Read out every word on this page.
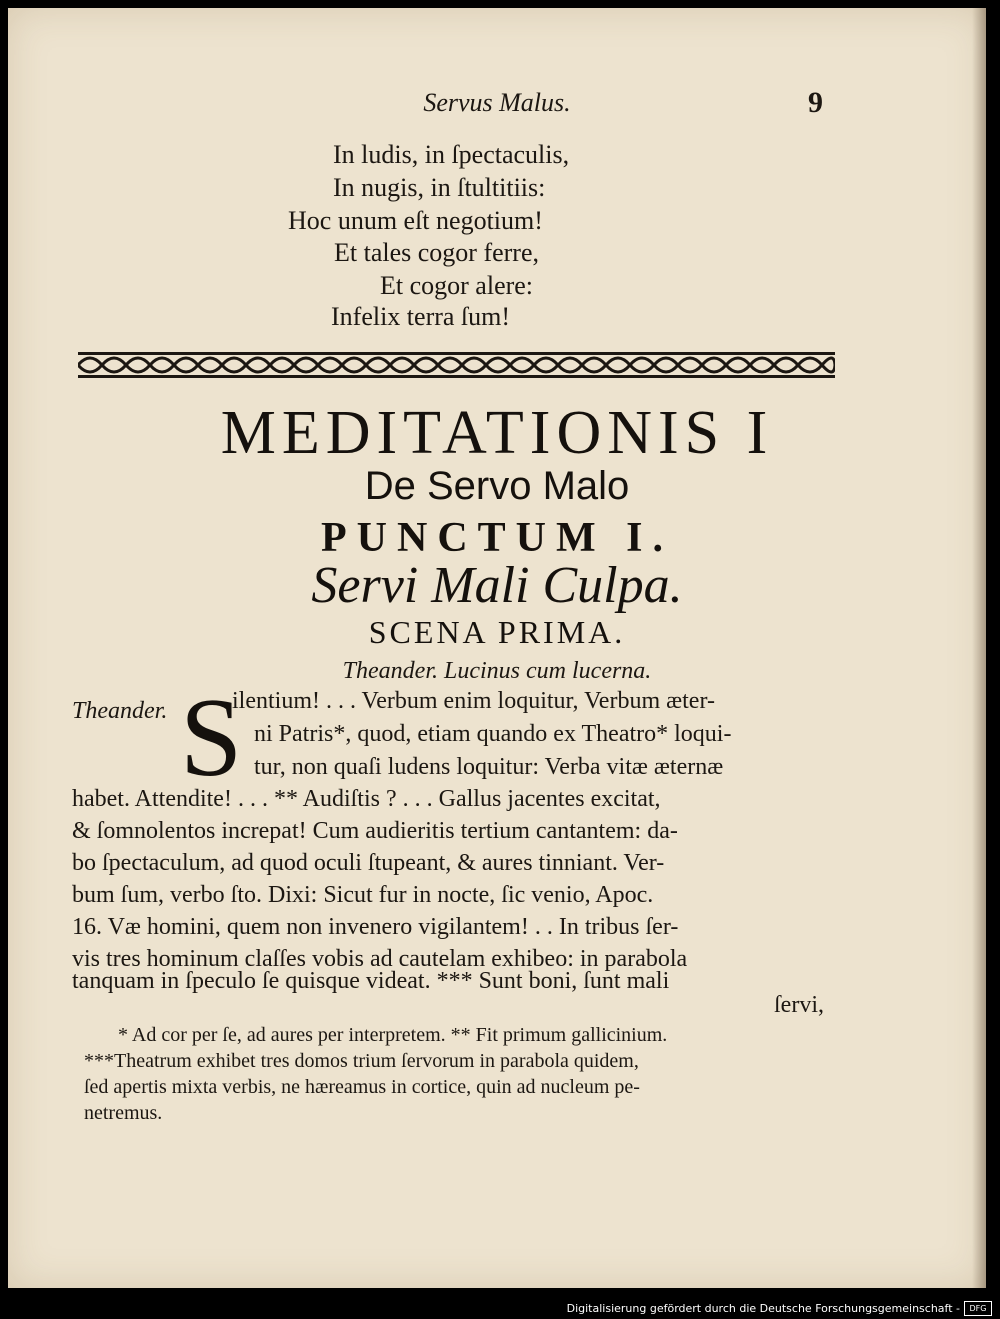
Servus Malus.	9
In ludis, in ſpectaculis,
In nugis, in ſtultitiis:
Hoc unum eſt negotium!
Et tales cogor ferre,
Et cogor alere:
Infelix terra ſum!
MEDITATIONIS I
De Servo Malo
PUNCTUM I.
Servi Mali Culpa.
SCENA PRIMA.
Theander. Lucinus cum lucerna.
S
Theander.	ilentium! . . . Verbum enim loquitur, Verbum æter-
ni Patris*, quod, etiam quando ex Theatro* loqui-
tur, non quaſi ludens loquitur: Verba vitæ æternæ
habet. Attendite! . . . ** Audiſtis ? . . . Gallus jacentes excitat,
& ſomnolentos increpat! Cum audieritis tertium cantantem: da-
bo ſpectaculum, ad quod oculi ſtupeant, & aures tinniant. Ver-
bum ſum, verbo ſto. Dixi: Sicut fur in nocte, ſic venio, Apoc.
16. Væ homini, quem non invenero vigilantem! . . In tribus ſer-
vis tres hominum claſſes vobis ad cautelam exhibeo: in parabola
tanquam in ſpeculo ſe quisque videat. *** Sunt boni, ſunt mali
ſervi,
* Ad cor per ſe, ad aures per interpretem. ** Fit primum gallicinium.
***Theatrum exhibet tres domos trium ſervorum in parabola quidem,
ſed apertis mixta verbis, ne hæreamus in cortice, quin ad nucleum pe-
netremus.
Digitalisierung gefördert durch die Deutsche Forschungsgemeinschaft -	DFG
